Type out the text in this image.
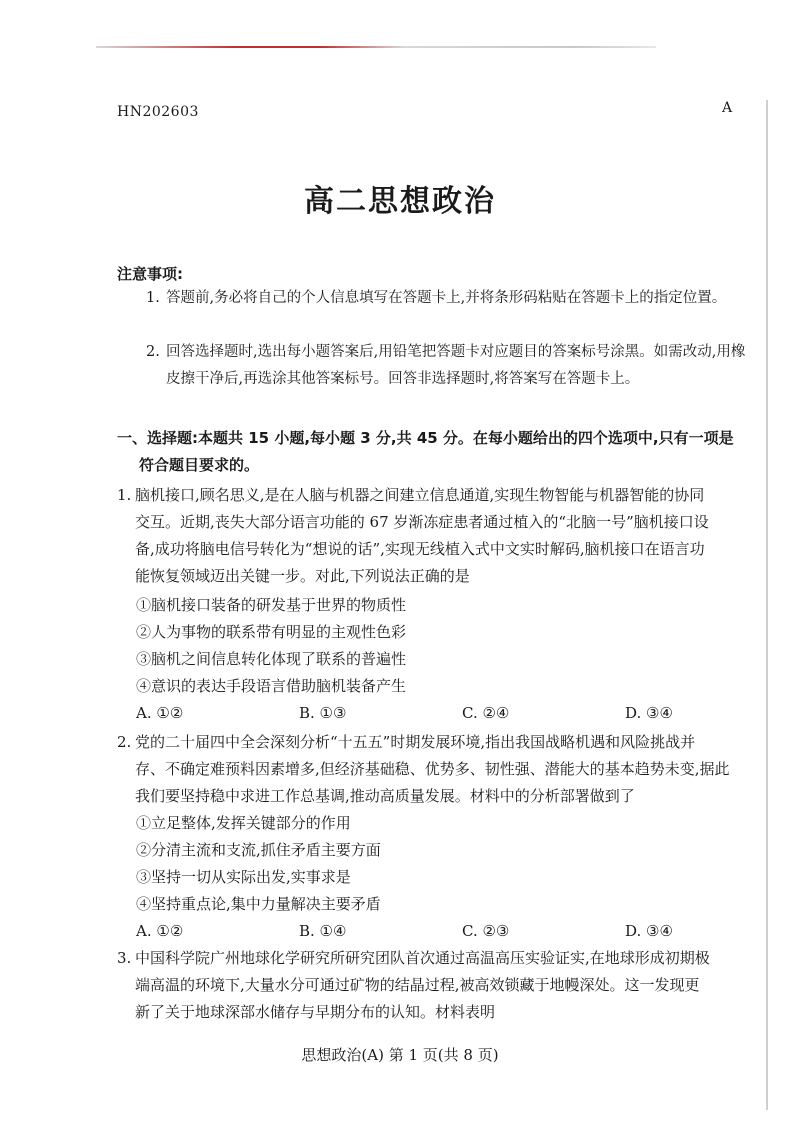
HN202603	A
高二思想政治
注意事项:
1. 答题前,务必将自己的个人信息填写在答题卡上,并将条形码粘贴在答题卡上的指定位置。
2. 回答选择题时,选出每小题答案后,用铅笔把答题卡对应题目的答案标号涂黑。如需改动,用橡皮擦干净后,再选涂其他答案标号。回答非选择题时,将答案写在答题卡上。
一、选择题:本题共 15 小题,每小题 3 分,共 45 分。在每小题给出的四个选项中,只有一项是
符合题目要求的。
1. 脑机接口,顾名思义,是在人脑与机器之间建立信息通道,实现生物智能与机器智能的协同
交互。近期,丧失大部分语言功能的 67 岁渐冻症患者通过植入的“北脑一号”脑机接口设
备,成功将脑电信号转化为“想说的话”,实现无线植入式中文实时解码,脑机接口在语言功
能恢复领域迈出关键一步。对此,下列说法正确的是
①脑机接口装备的研发基于世界的物质性
②人为事物的联系带有明显的主观性色彩
③脑机之间信息转化体现了联系的普遍性
④意识的表达手段语言借助脑机装备产生
A. ①②	B. ①③	C. ②④	D. ③④
2. 党的二十届四中全会深刻分析“十五五”时期发展环境,指出我国战略机遇和风险挑战并
存、不确定难预料因素增多,但经济基础稳、优势多、韧性强、潜能大的基本趋势未变,据此
我们要坚持稳中求进工作总基调,推动高质量发展。材料中的分析部署做到了
①立足整体,发挥关键部分的作用
②分清主流和支流,抓住矛盾主要方面
③坚持一切从实际出发,实事求是
④坚持重点论,集中力量解决主要矛盾
A. ①②	B. ①④	C. ②③	D. ③④
3. 中国科学院广州地球化学研究所研究团队首次通过高温高压实验证实,在地球形成初期极
端高温的环境下,大量水分可通过矿物的结晶过程,被高效锁藏于地幔深处。这一发现更
新了关于地球深部水储存与早期分布的认知。材料表明
思想政治(A) 第 1 页(共 8 页)
